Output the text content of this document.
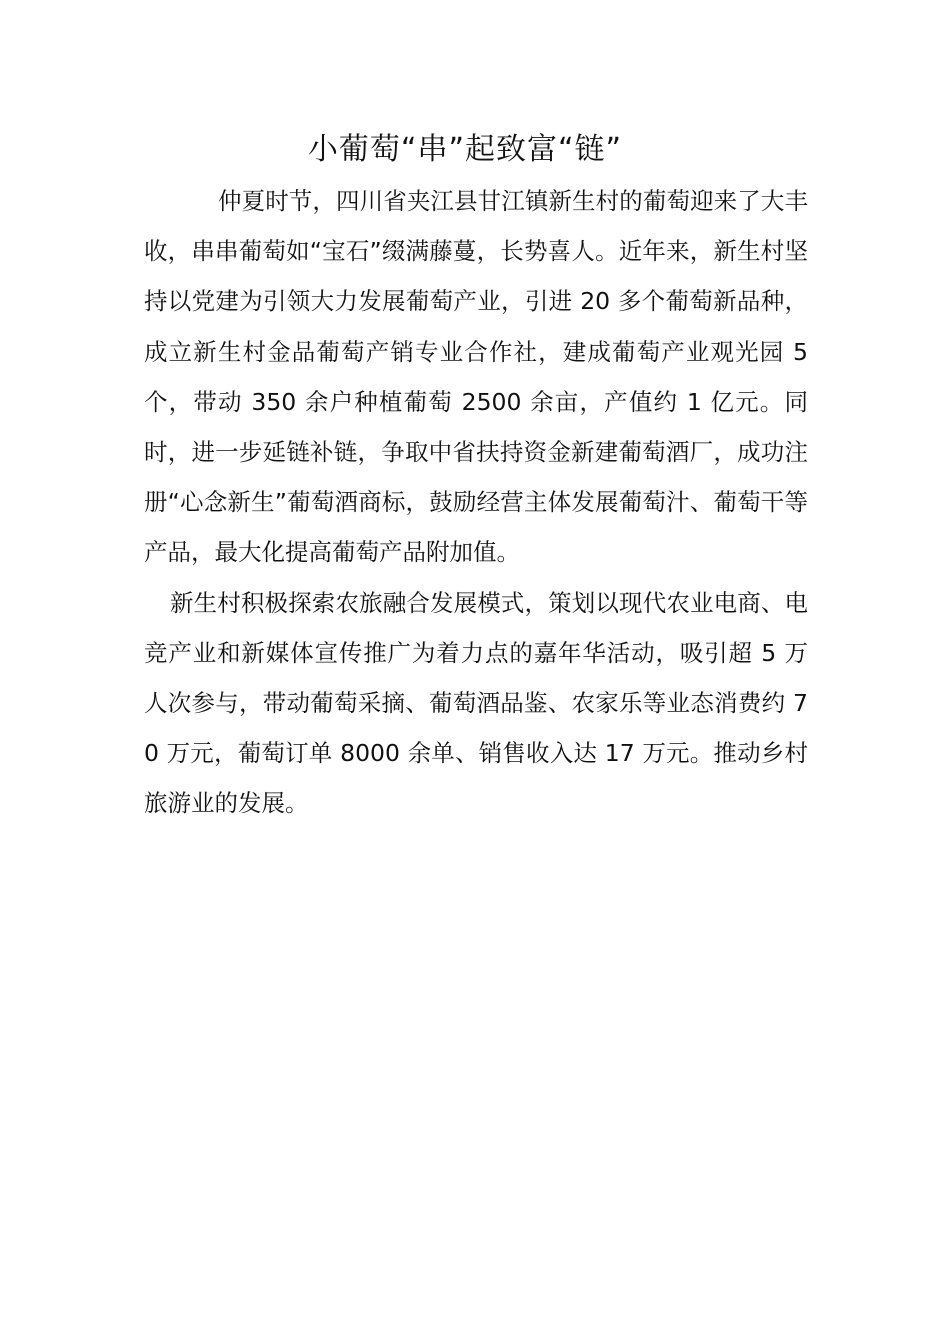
小葡萄“串”起致富“链”

仲夏时节，四川省夹江县甘江镇新生村的葡萄迎来了大丰收，串串葡萄如“宝石”缀满藤蔓，长势喜人。近年来，新生村坚持以党建为引领大力发展葡萄产业，引进 20 多个葡萄新品种，成立新生村金品葡萄产销专业合作社，建成葡萄产业观光园 5 个，带动 350 余户种植葡萄 2500 余亩，产值约 1 亿元。同时，进一步延链补链，争取中省扶持资金新建葡萄酒厂，成功注册“心念新生”葡萄酒商标，鼓励经营主体发展葡萄汁、葡萄干等产品，最大化提高葡萄产品附加值。

新生村积极探索农旅融合发展模式，策划以现代农业电商、电竞产业和新媒体宣传推广为着力点的嘉年华活动，吸引超 5 万人次参与，带动葡萄采摘、葡萄酒品鉴、农家乐等业态消费约 70 万元，葡萄订单 8000 余单、销售收入达 17 万元。推动乡村旅游业的发展。
